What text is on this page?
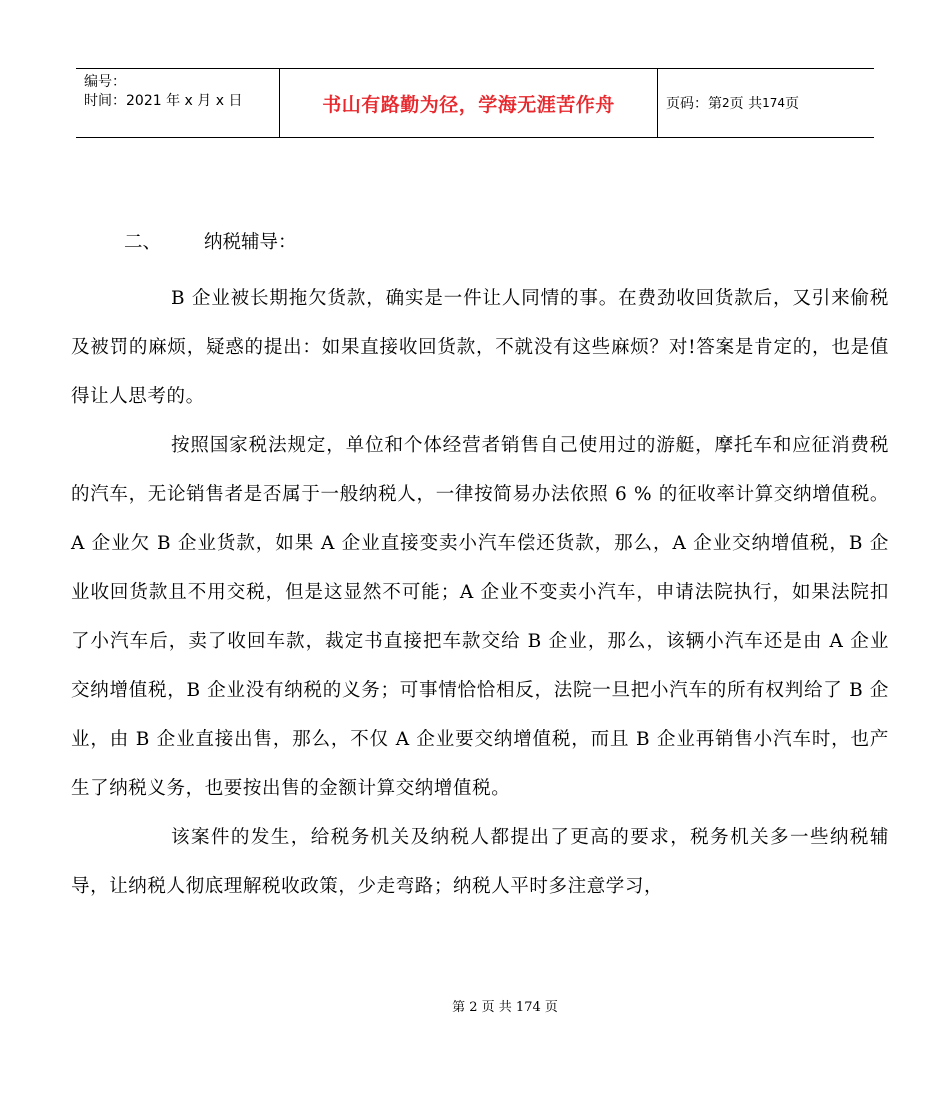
编号：
时间：2021 年 x 月 x 日	书山有路勤为径，学海无涯苦作舟	页码：第 2 页 共 174 页
二、 纳税辅导：

B 企业被长期拖欠货款，确实是一件让人同情的事。在费劲收回货款后，又引来偷税及被罚的麻烦，疑惑的提出：如果直接收回货款，不就没有这些麻烦？对!答案是肯定的，也是值得让人思考的。

按照国家税法规定，单位和个体经营者销售自己使用过的游艇，摩托车和应征消费税的汽车，无论销售者是否属于一般纳税人，一律按简易办法依照 6 % 的征收率计算交纳增值税。A 企业欠 B 企业货款，如果 A 企业直接变卖小汽车偿还货款，那么，A 企业交纳增值税，B 企业收回货款且不用交税，但是这显然不可能；A 企业不变卖小汽车，申请法院执行，如果法院扣了小汽车后，卖了收回车款，裁定书直接把车款交给 B 企业，那么，该辆小汽车还是由 A 企业交纳增值税，B 企业没有纳税的义务；可事情恰恰相反，法院一旦把小汽车的所有权判给了 B 企业，由 B 企业直接出售，那么，不仅 A 企业要交纳增值税，而且 B 企业再销售小汽车时，也产生了纳税义务，也要按出售的金额计算交纳增值税。

该案件的发生，给税务机关及纳税人都提出了更高的要求，税务机关多一些纳税辅导，让纳税人彻底理解税收政策，少走弯路；纳税人平时多注意学习，

第 2 页 共 174 页
